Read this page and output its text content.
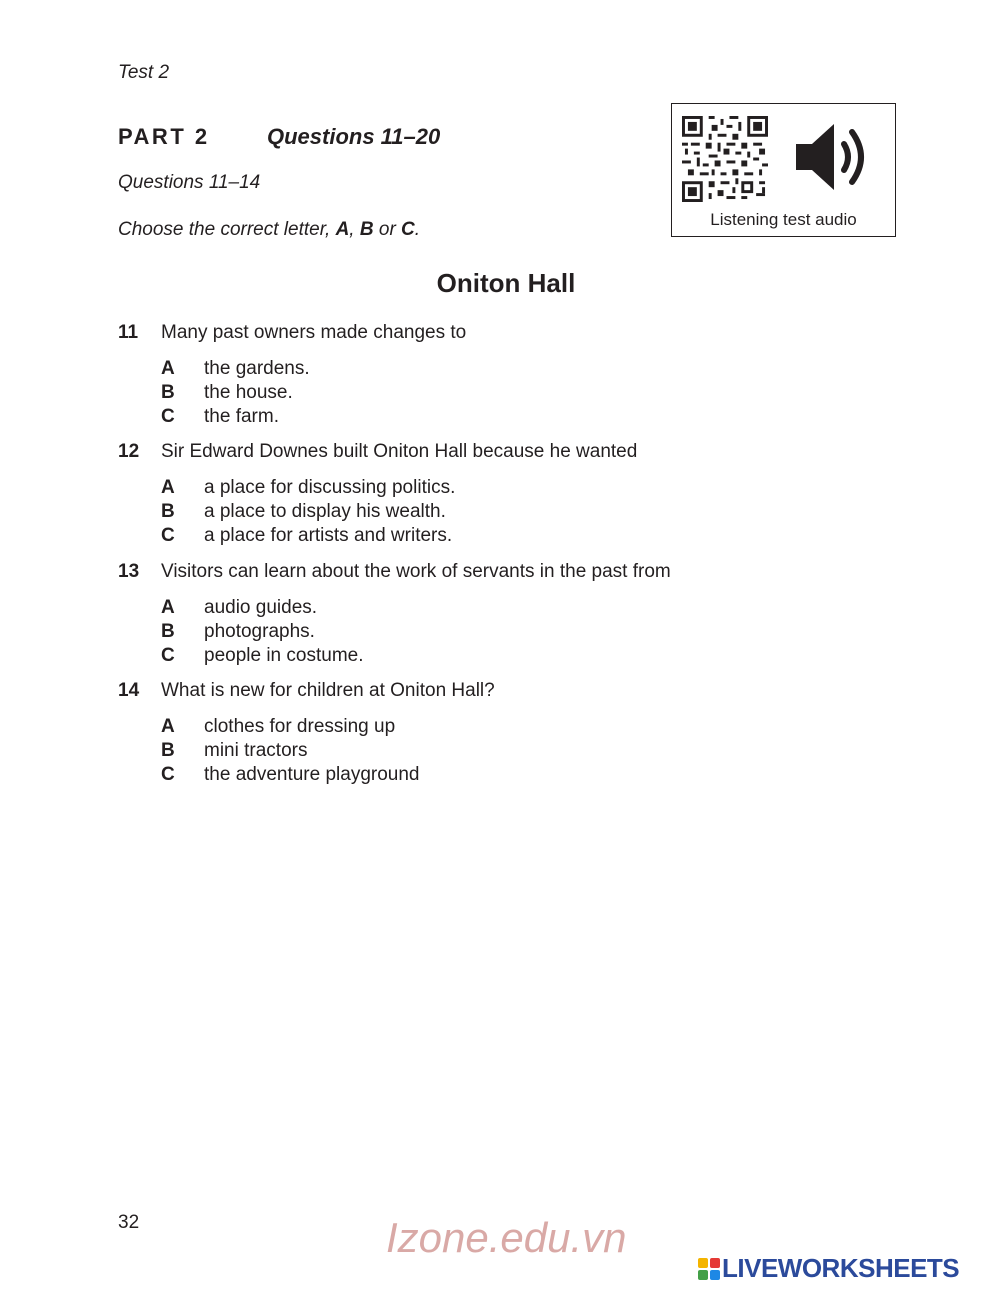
Test 2
PART 2	Questions 11–20
Questions 11–14
Choose the correct letter, A, B or C.	Listening test audio
Oniton Hall
11 Many past owners made changes to
A the gardens.
B the house.
C the farm.
12 Sir Edward Downes built Oniton Hall because he wanted
A a place for discussing politics.
B a place to display his wealth.
C a place for artists and writers.
13 Visitors can learn about the work of servants in the past from
A audio guides.
B photographs.
C people in costume.
14 What is new for children at Oniton Hall?
A clothes for dressing up
B mini tractors
C the adventure playground
32	Izone.edu.vn
LIVEWORKSHEETS
